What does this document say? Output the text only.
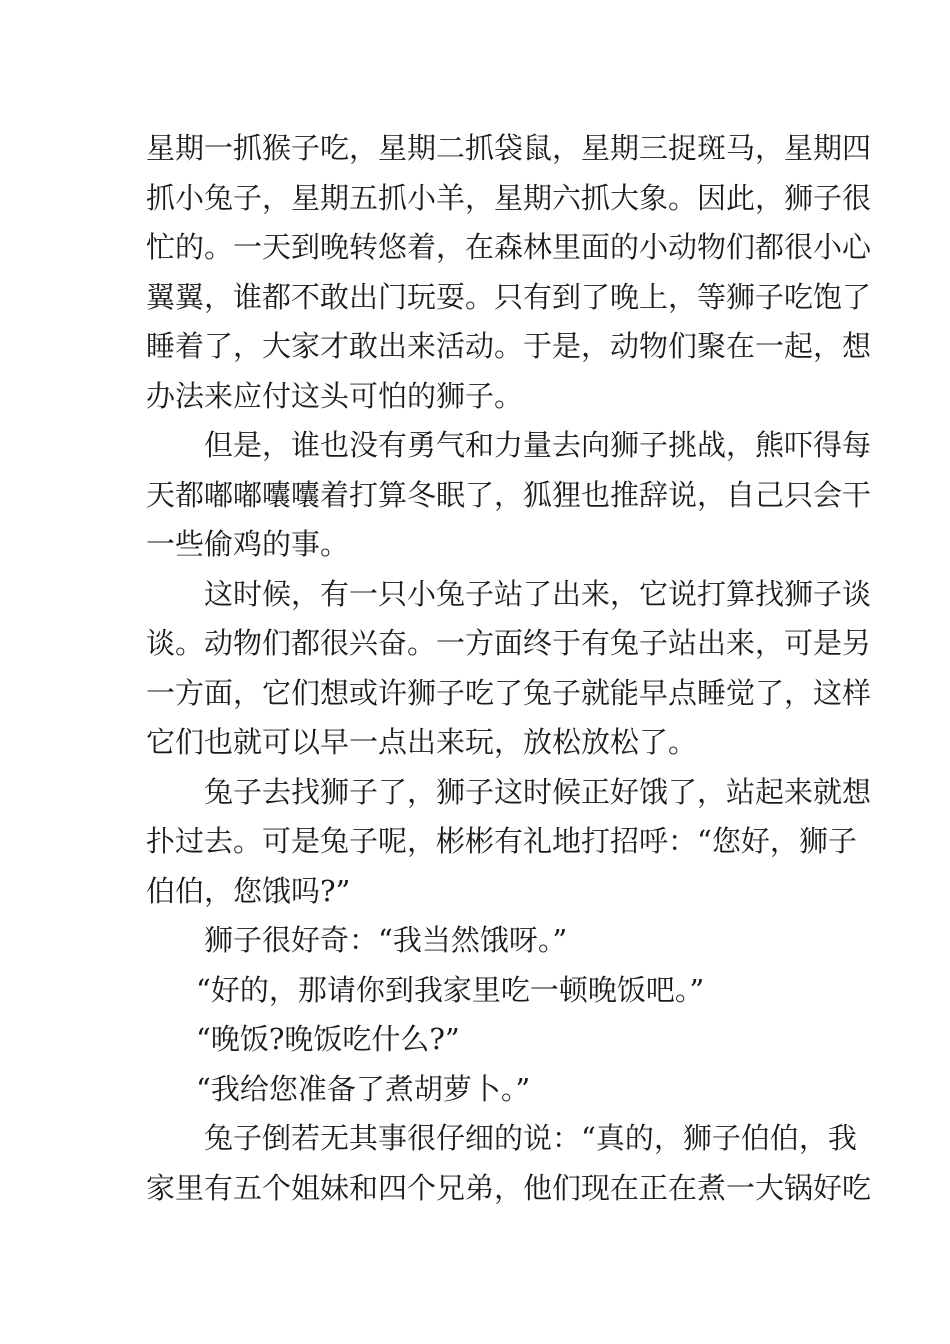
星期一抓猴子吃，星期二抓袋鼠，星期三捉斑马，星期四
抓小兔子，星期五抓小羊，星期六抓大象。因此，狮子很
忙的。一天到晚转悠着，在森林里面的小动物们都很小心
翼翼，谁都不敢出门玩耍。只有到了晚上，等狮子吃饱了
睡着了，大家才敢出来活动。于是，动物们聚在一起，想
办法来应付这头可怕的狮子。
但是，谁也没有勇气和力量去向狮子挑战，熊吓得每
天都嘟嘟囔囔着打算冬眠了，狐狸也推辞说，自己只会干
一些偷鸡的事。
这时候，有一只小兔子站了出来，它说打算找狮子谈
谈。动物们都很兴奋。一方面终于有兔子站出来，可是另
一方面，它们想或许狮子吃了兔子就能早点睡觉了，这样
它们也就可以早一点出来玩，放松放松了。
兔子去找狮子了，狮子这时候正好饿了，站起来就想
扑过去。可是兔子呢，彬彬有礼地打招呼：“您好，狮子
伯伯，您饿吗?”
狮子很好奇：“我当然饿呀。”
“好的，那请你到我家里吃一顿晚饭吧。”
“晚饭?晚饭吃什么?”
“我给您准备了煮胡萝卜。”
兔子倒若无其事很仔细的说：“真的，狮子伯伯，我
家里有五个姐妹和四个兄弟，他们现在正在煮一大锅好吃
